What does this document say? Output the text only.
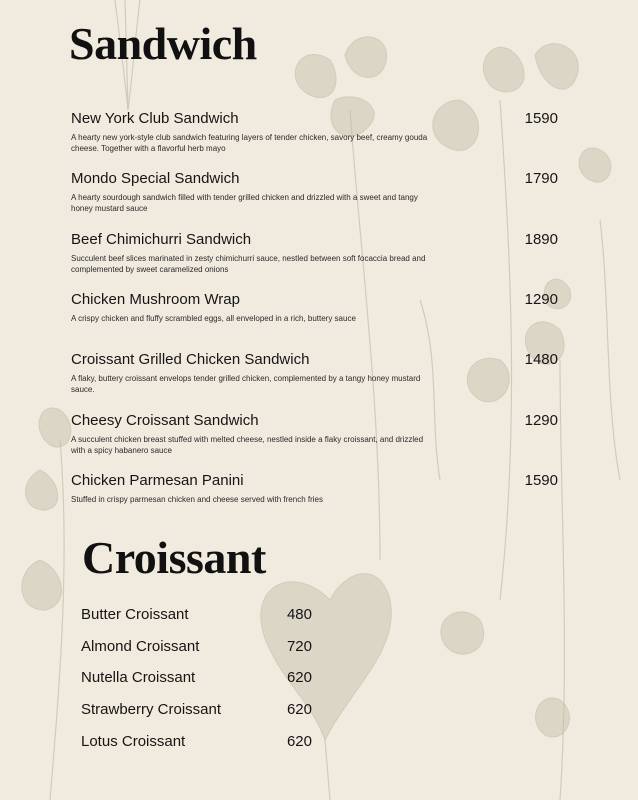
Sandwich
New York Club Sandwich	1590
A hearty new york-style club sandwich featuring layers of tender chicken, savory beef, creamy gouda cheese. Together with a flavorful herb mayo
Mondo Special Sandwich	1790
A hearty sourdough sandwich filled with tender grilled chicken and drizzled with a sweet and tangy honey mustard sauce
Beef Chimichurri Sandwich	1890
Succulent beef slices marinated in zesty chimichurri sauce, nestled between soft focaccia bread and complemented by sweet caramelized onions
Chicken Mushroom Wrap	1290
A crispy chicken and fluffy scrambled eggs, all enveloped in a rich, buttery sauce
Croissant Grilled Chicken Sandwich	1480
A flaky, buttery croissant envelops tender grilled chicken, complemented by a tangy honey mustard sauce.
Cheesy Croissant Sandwich	1290
A succulent chicken breast stuffed with melted cheese, nestled inside a flaky croissant, and drizzled with a spicy habanero sauce
Chicken Parmesan Panini	1590
Stuffed in crispy parmesan chicken and cheese served with french fries
Croissant
Butter Croissant	480
Almond Croissant	720
Nutella Croissant	620
Strawberry Croissant	620
Lotus Croissant	620
